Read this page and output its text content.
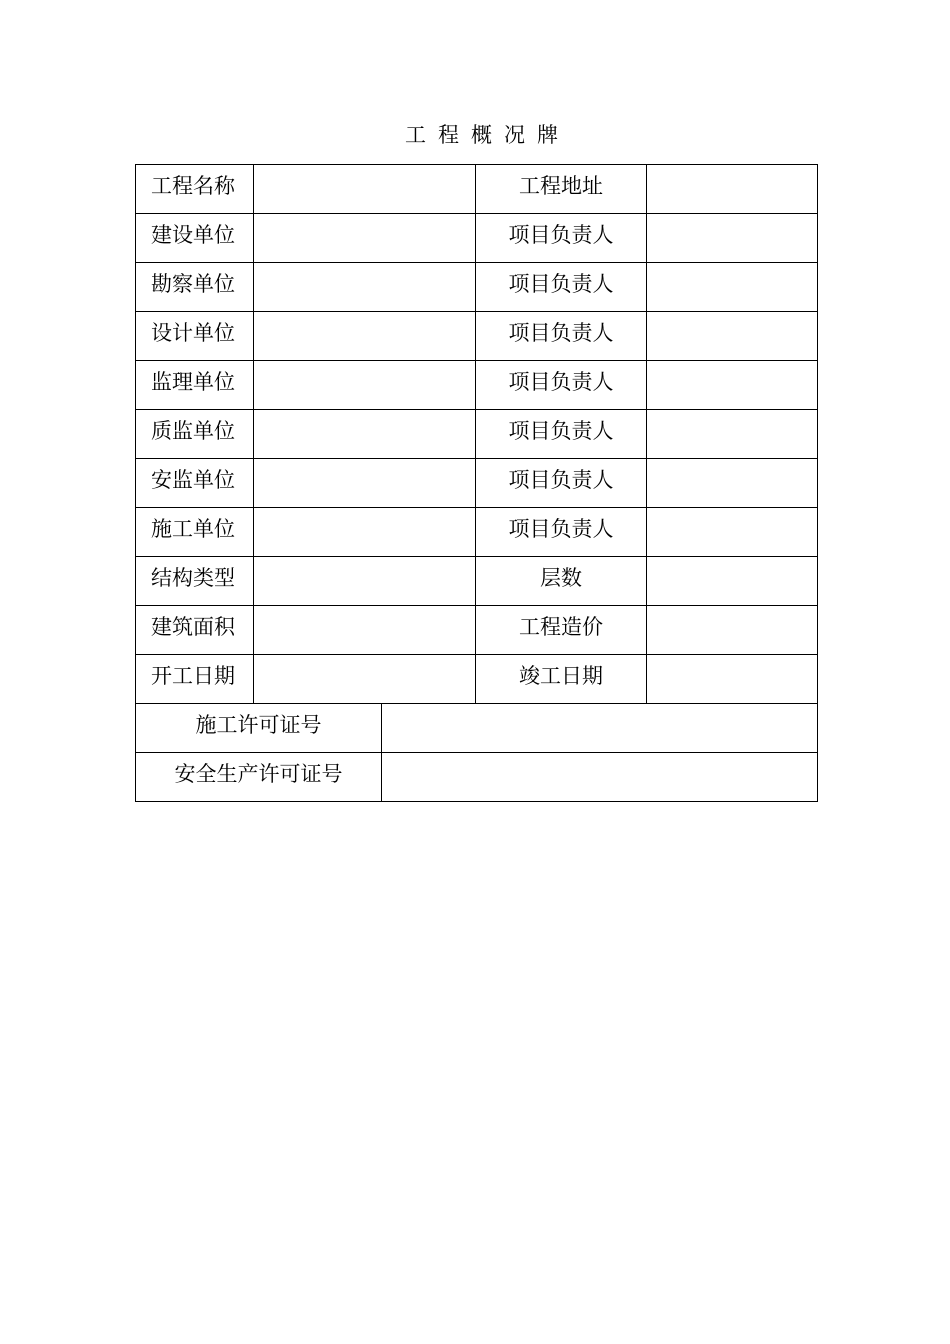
工程概况牌
工程名称			工程地址	
建设单位			项目负责人	
勘察单位			项目负责人	
设计单位			项目负责人	
监理单位			项目负责人	
质监单位			项目负责人	
安监单位			项目负责人	
施工单位			项目负责人	
结构类型			层数	
建筑面积			工程造价	
开工日期			竣工日期	
施工许可证号				
安全生产许可证号				
